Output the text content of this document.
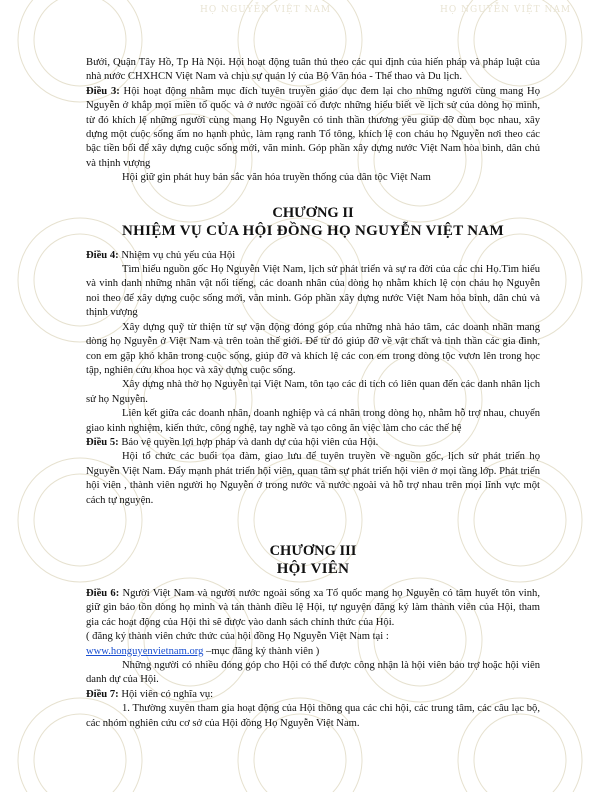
HỌ NGUYỄN VIỆT NAM	HỌ NGUYỄN VIỆT NAM

Bưởi, Quận Tây Hồ, Tp Hà Nội. Hội hoạt động tuân thủ theo các qui định của hiến pháp và pháp luật của nhà nước CHXHCN Việt Nam và chịu sự quản lý của Bộ Văn hóa - Thể thao và Du lịch.

Điều 3: Hội hoạt động nhằm mục đích tuyên truyền giáo dục đem lại cho những người cùng mang Họ Nguyễn ở khắp mọi miền tổ quốc và ở nước ngoài có được những hiểu biết về lịch sử của dòng họ mình, từ đó khích lệ những người cùng mang Họ Nguyễn có tinh thần thương yêu giúp đỡ đùm bọc nhau, xây dựng một cuộc sống ấm no hạnh phúc, làm rạng ranh Tổ tông, khích lệ con cháu họ Nguyễn nơi theo các bậc tiền bối để xây dựng cuộc sống mới, văn minh. Góp phần xây dựng nước Việt Nam hòa bình, dân chủ và thịnh vượng

Hội giữ gìn phát huy bản sắc văn hóa truyền thống của dân tộc Việt Nam

CHƯƠNG II

NHIỆM VỤ CỦA HỘI ĐỒNG HỌ NGUYỄN VIỆT NAM

Điều 4: Nhiệm vụ chủ yếu của Hội

Tìm hiểu nguồn gốc Họ Nguyễn Việt Nam, lịch sử phát triển và sự ra đời của các chi Họ.Tìm hiểu và vinh danh những nhân vật nổi tiếng, các doanh nhân của dòng họ nhằm khích lệ con cháu họ Nguyễn noi theo để xây dựng cuộc sống mới, văn minh. Góp phần xây dựng nước Việt Nam hòa bình, dân chủ và thịnh vượng

Xây dựng quỹ từ thiện từ sự vận động đóng góp của những nhà hảo tâm, các doanh nhân mang dòng họ Nguyễn ở Việt Nam và trên toàn thế giới. Để từ đó giúp đỡ về vật chất và tinh thần các gia đình, con em gặp khó khăn trong cuộc sống, giúp đỡ và khích lệ các con em trong dòng tộc vươn lên trong học tập, nghiên cứu khoa học và xây dựng cuộc sống.

Xây dựng nhà thờ họ Nguyễn tại Việt Nam, tôn tạo các di tích có liên quan đến các danh nhân lịch sử họ Nguyễn.

Liên kết giữa các doanh nhân, doanh nghiệp và cá nhân trong dòng họ, nhằm hỗ trợ nhau, chuyển giao kinh nghiệm, kiến thức, công nghệ, tay nghề và tạo công ăn việc làm cho các thế hệ

Điều 5: Bảo vệ quyền lợi hợp pháp và danh dự của hội viên của Hội.

Hội tổ chức các buổi tọa đàm, giao lưu để tuyên truyền về nguồn gốc, lịch sử phát triển họ Nguyễn Việt Nam. Đẩy mạnh phát triển hội viên, quan tâm sự phát triển hội viên ở mọi tầng lớp. Phát triển hội viên , thành viên người họ Nguyễn ở trong nước và nước ngoài và hỗ trợ nhau trên mọi lĩnh vực một cách tự nguyện.

CHƯƠNG III

HỘI VIÊN

Điều 6: Người Việt Nam và người nước ngoài sống xa Tổ quốc mang họ Nguyễn có tâm huyết tôn vinh, giữ gìn bảo tồn dòng họ mình và tán thành điều lệ Hội, tự nguyện đăng ký làm thành viên của Hội, tham gia các hoạt động của Hội thì sẽ được vào danh sách chính thức của Hội.

( đăng ký thành viên chức thức của hội đồng Họ Nguyễn Việt Nam tại :
www.honguyenvietnam.org –mục đăng ký thành viên )

Những người có nhiều đóng góp cho Hội có thể được công nhận là hội viên bảo trợ hoặc hội viên danh dự của Hội.

Điều 7: Hội viên có nghĩa vụ:

1. Thường xuyên tham gia hoạt động của Hội thông qua các chi hội, các trung tâm, các câu lạc bộ, các nhóm nghiên cứu cơ sở của Hội đồng Họ Nguyễn Việt Nam.
